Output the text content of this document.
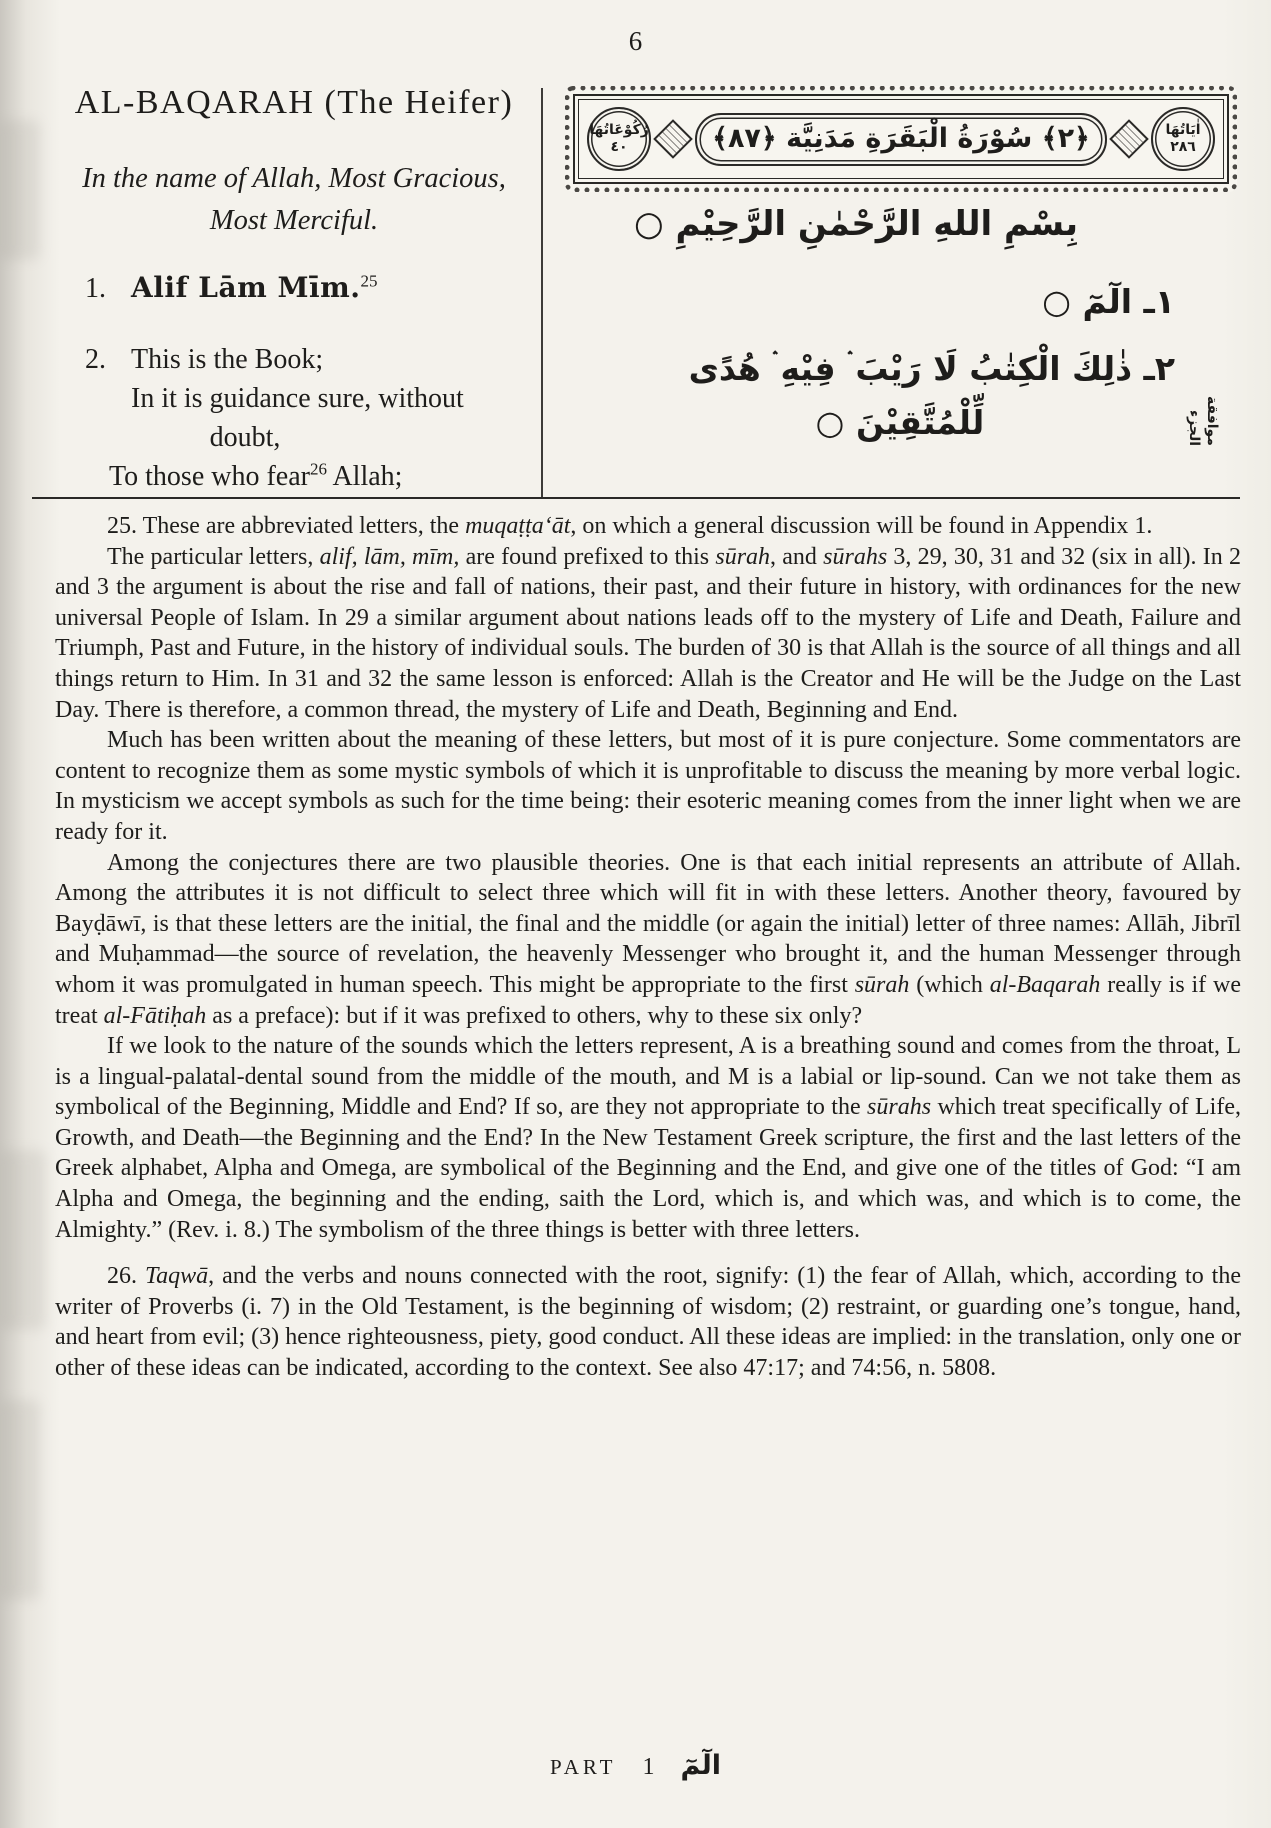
6
AL-BAQARAH (The Heifer)
In the name of Allah, Most Gracious,
Most Merciful.
1. Alif Lām Mīm.$^{25}$
2. This is the Book;
In it is guidance sure, without
doubt,
To those who fear$^{26}$ Allah;
اٰيَاتُهَا
٢٨٦
﴿٢﴾ سُوْرَةُ الْبَقَرَةِ مَدَنِيَّة ﴿٨٧﴾
رُكُوْعَاتُهَا
٤٠
بِسْمِ اللهِ الرَّحْمٰنِ الرَّحِيْمِ ○
١ـ الٓمٓ ○
٢ـ ذٰلِكَ الْكِتٰبُ لَا رَيْبَ ۛ فِيْهِ ۛ هُدًى
لِّلْمُتَّقِيْنَ ○	موافقة
الجزء

25. These are abbreviated letters, the muqaṭṭaʻāt, on which a general discussion will be found in Appendix 1.

The particular letters, alif, lām, mīm, are found prefixed to this sūrah, and sūrahs 3, 29, 30, 31 and 32 (six in all). In 2 and 3 the argument is about the rise and fall of nations, their past, and their future in history, with ordinances for the new universal People of Islam. In 29 a similar argument about nations leads off to the mystery of Life and Death, Failure and Triumph, Past and Future, in the history of individual souls. The burden of 30 is that Allah is the source of all things and all things return to Him. In 31 and 32 the same lesson is enforced: Allah is the Creator and He will be the Judge on the Last Day. There is therefore, a common thread, the mystery of Life and Death, Beginning and End.

Much has been written about the meaning of these letters, but most of it is pure conjecture. Some commentators are content to recognize them as some mystic symbols of which it is unprofitable to discuss the meaning by more verbal logic. In mysticism we accept symbols as such for the time being: their esoteric meaning comes from the inner light when we are ready for it.

Among the conjectures there are two plausible theories. One is that each initial represents an attribute of Allah. Among the attributes it is not difficult to select three which will fit in with these letters. Another theory, favoured by Bayḍāwī, is that these letters are the initial, the final and the middle (or again the initial) letter of three names: Allāh, Jibrīl and Muḥammad—the source of revelation, the heavenly Messenger who brought it, and the human Messenger through whom it was promulgated in human speech. This might be appropriate to the first sūrah (which al-Baqarah really is if we treat al-Fātiḥah as a preface): but if it was prefixed to others, why to these six only?

If we look to the nature of the sounds which the letters represent, A is a breathing sound and comes from the throat, L is a lingual-palatal-dental sound from the middle of the mouth, and M is a labial or lip-sound. Can we not take them as symbolical of the Beginning, Middle and End? If so, are they not appropriate to the sūrahs which treat specifically of Life, Growth, and Death—the Beginning and the End? In the New Testament Greek scripture, the first and the last letters of the Greek alphabet, Alpha and Omega, are symbolical of the Beginning and the End, and give one of the titles of God: “I am Alpha and Omega, the beginning and the ending, saith the Lord, which is, and which was, and which is to come, the Almighty.” (Rev. i. 8.) The symbolism of the three things is better with three letters.

26. Taqwā, and the verbs and nouns connected with the root, signify: (1) the fear of Allah, which, according to the writer of Proverbs (i. 7) in the Old Testament, is the beginning of wisdom; (2) restraint, or guarding one’s tongue, hand, and heart from evil; (3) hence righteousness, piety, good conduct. All these ideas are implied: in the translation, only one or other of these ideas can be indicated, according to the context. See also 47:17; and 74:56, n. 5808.

PART 1 الٓمٓ
